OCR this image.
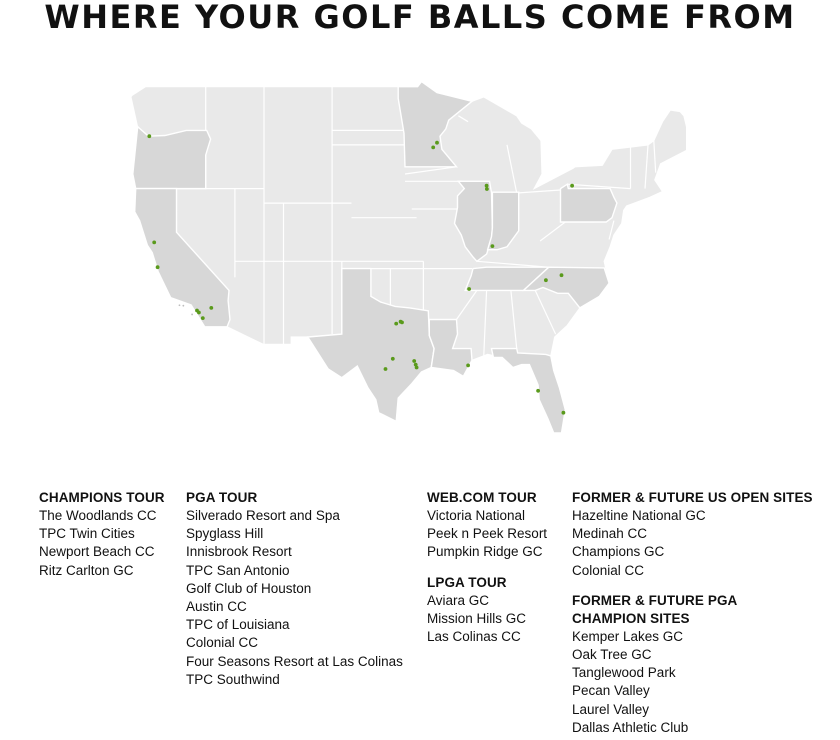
WHERE YOUR GOLF BALLS COME FROM
CHAMPIONS TOUR
The Woodlands CC
TPC Twin Cities
Newport Beach CC
Ritz Carlton GC
PGA TOUR
Silverado Resort and Spa
Spyglass Hill
Innisbrook Resort
TPC San Antonio
Golf Club of Houston
Austin CC
TPC of Louisiana
Colonial CC
Four Seasons Resort at Las Colinas
TPC Southwind
WEB.COM TOUR
Victoria National
Peek n Peek Resort
Pumpkin Ridge GC
LPGA TOUR
Aviara GC
Mission Hills GC
Las Colinas CC
FORMER & FUTURE US OPEN SITES
Hazeltine National GC
Medinah CC
Champions GC
Colonial CC
FORMER & FUTURE PGA
CHAMPION SITES
Kemper Lakes GC
Oak Tree GC
Tanglewood Park
Pecan Valley
Laurel Valley
Dallas Athletic Club
